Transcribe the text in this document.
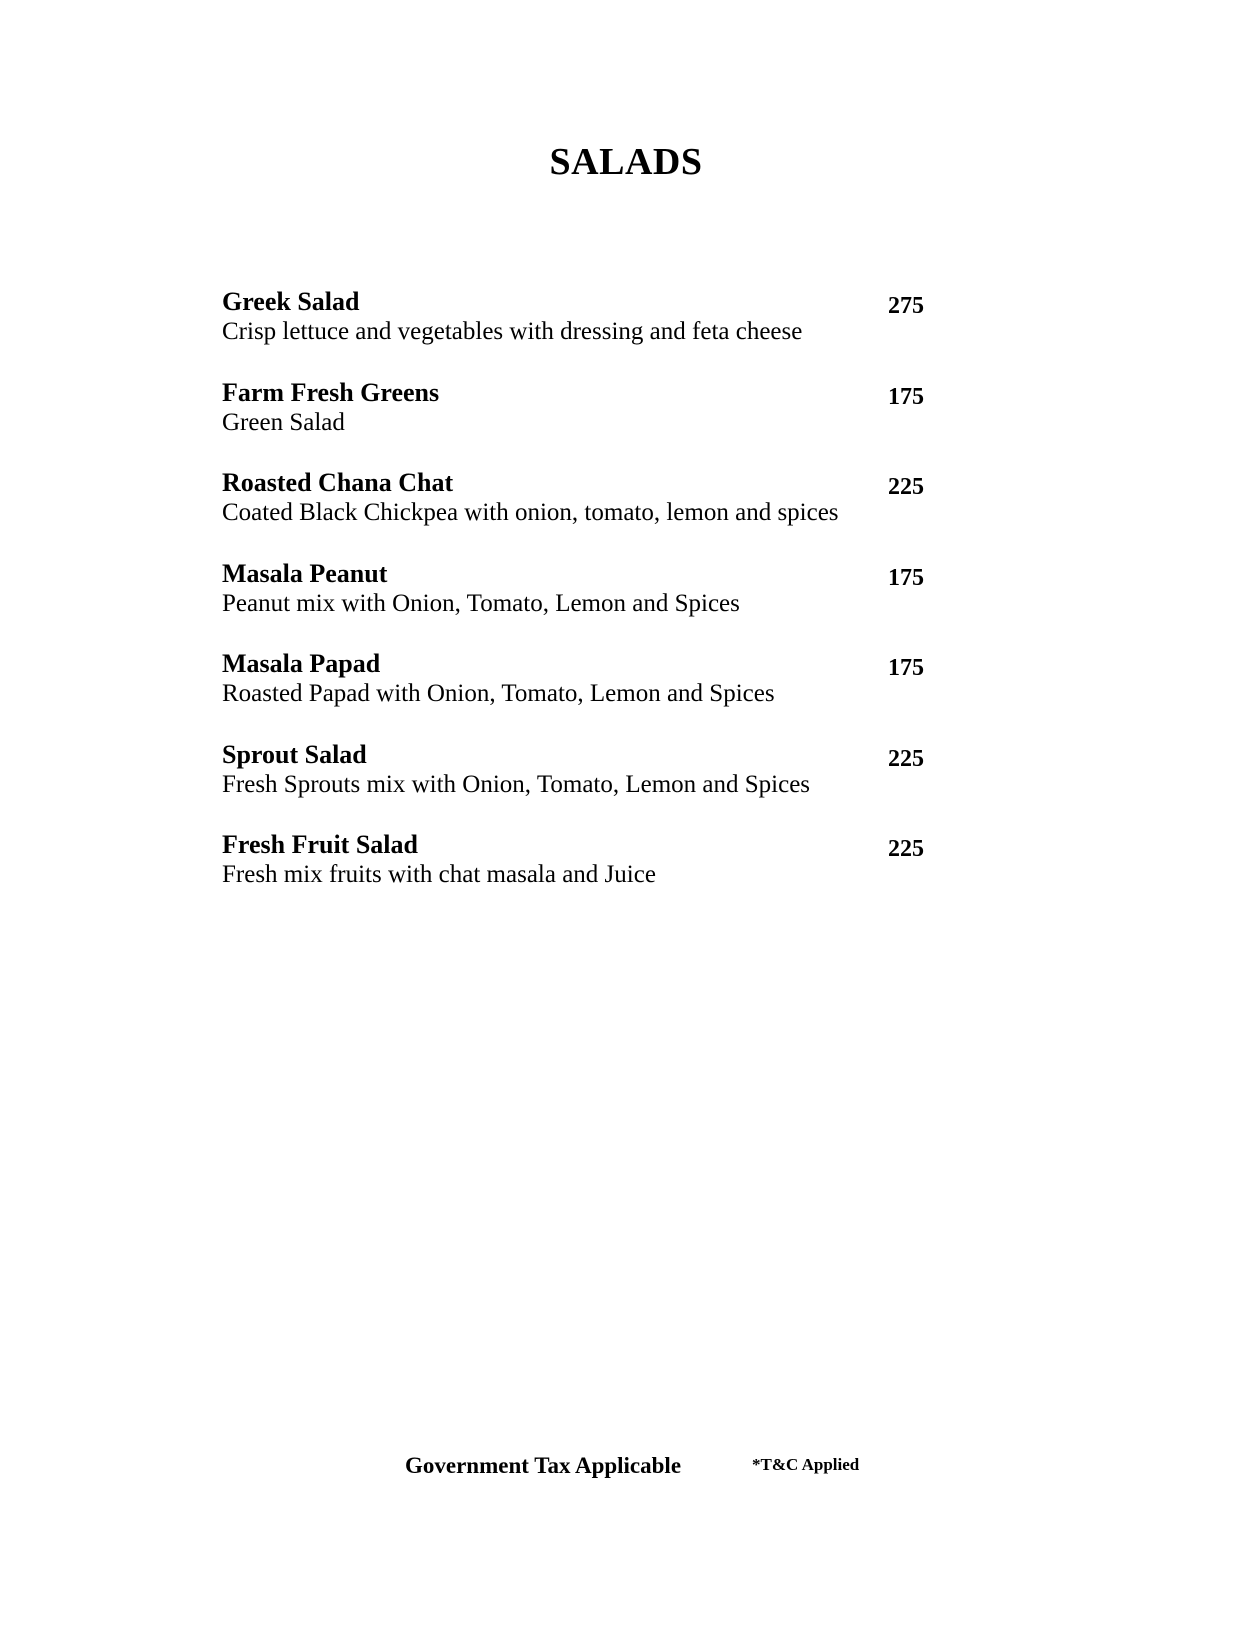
SALADS
Greek Salad
Crisp lettuce and vegetables with dressing and feta cheese
275
Farm Fresh Greens
Green Salad
175
Roasted Chana Chat
Coated Black Chickpea with onion, tomato, lemon and spices
225
Masala Peanut
Peanut mix with Onion, Tomato, Lemon and Spices
175
Masala Papad
Roasted Papad with Onion, Tomato, Lemon and Spices
175
Sprout Salad
Fresh Sprouts mix with Onion, Tomato, Lemon and Spices
225
Fresh Fruit Salad
Fresh mix fruits with chat masala and Juice
225
Government Tax Applicable	*T&C Applied
